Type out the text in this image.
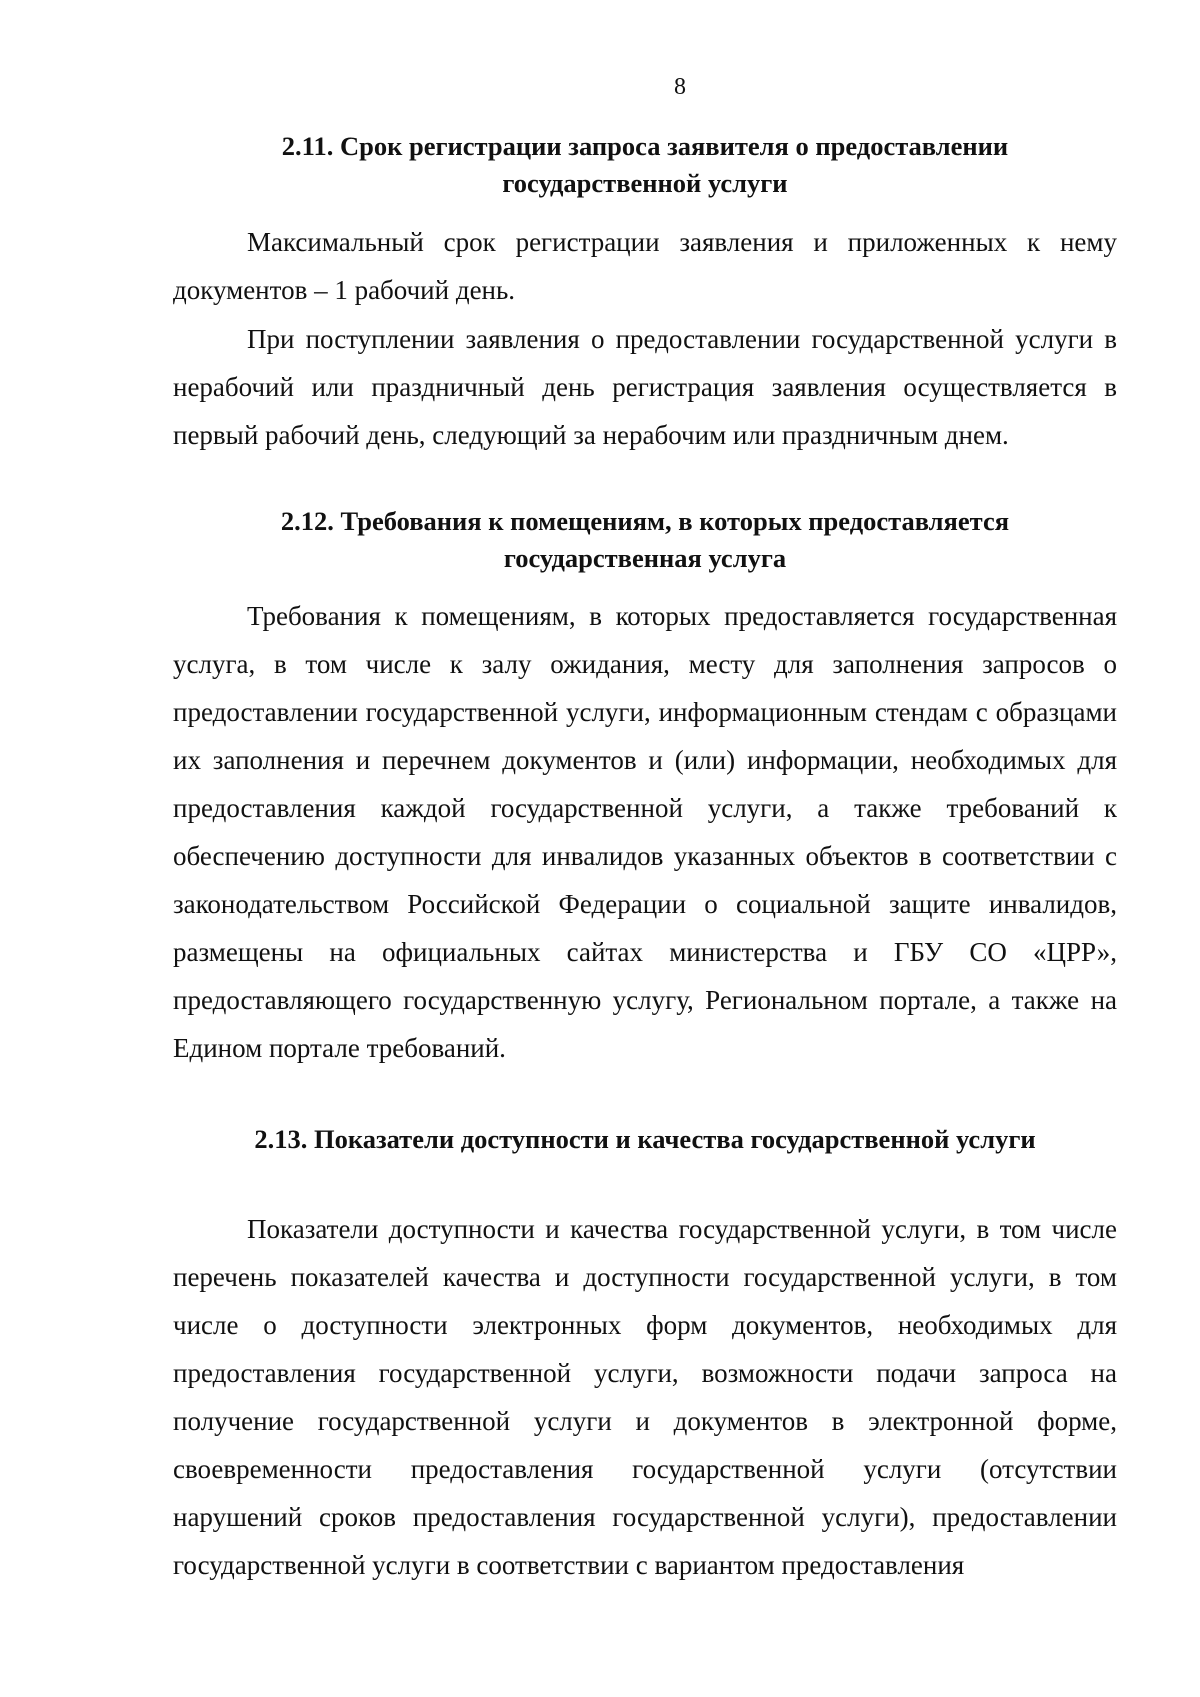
8
2.11. Срок регистрации запроса заявителя о предоставлении
государственной услуги

Максимальный срок регистрации заявления и приложенных к нему документов – 1 рабочий день.

При поступлении заявления о предоставлении государственной услуги в нерабочий или праздничный день регистрация заявления осуществляется в первый рабочий день, следующий за нерабочим или праздничным днем.

2.12. Требования к помещениям, в которых предоставляется
государственная услуга

Требования к помещениям, в которых предоставляется государственная услуга, в том числе к залу ожидания, месту для заполнения запросов о предоставлении государственной услуги, информационным стендам с образцами их заполнения и перечнем документов и (или) информации, необходимых для предоставления каждой государственной услуги, а также требований к обеспечению доступности для инвалидов указанных объектов в соответствии с законодательством Российской Федерации о социальной защите инвалидов, размещены на официальных сайтах министерства и ГБУ СО «ЦРР», предоставляющего государственную услугу, Региональном портале, а также на Едином портале требований.

2.13. Показатели доступности и качества государственной услуги

Показатели доступности и качества государственной услуги, в том числе перечень показателей качества и доступности государственной услуги, в том числе о доступности электронных форм документов, необходимых для предоставления государственной услуги, возможности подачи запроса на получение государственной услуги и документов в электронной форме, своевременности предоставления государственной услуги (отсутствии нарушений сроков предоставления государственной услуги), предоставлении государственной услуги в соответствии с вариантом предоставления
